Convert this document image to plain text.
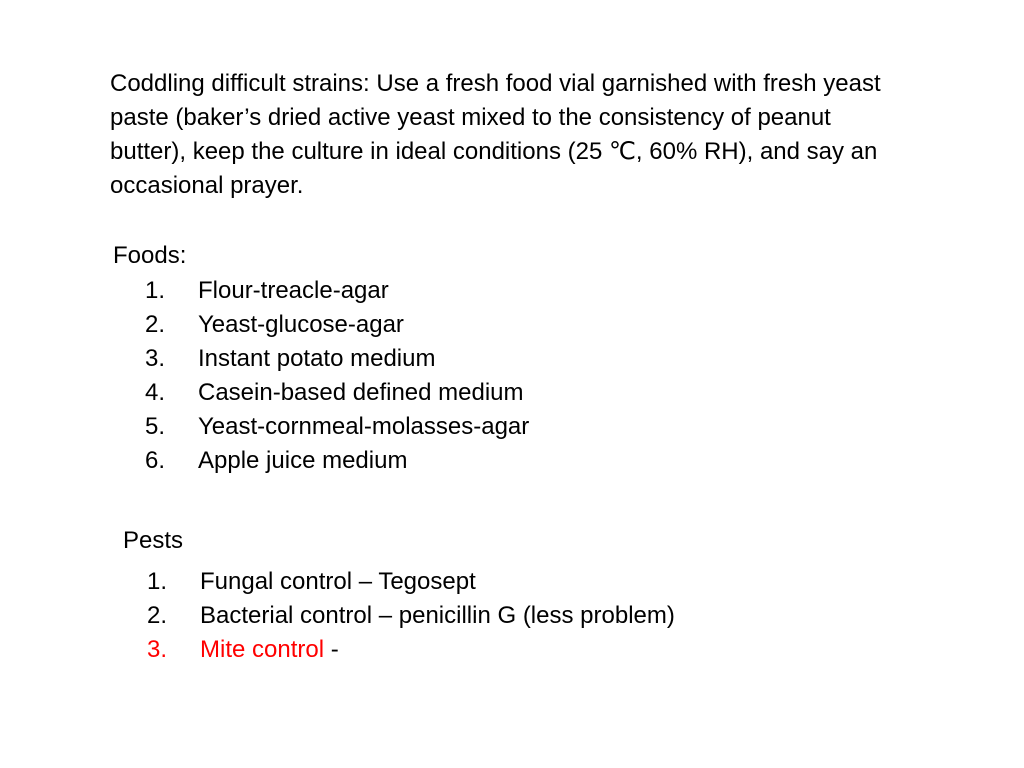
Coddling difficult strains: Use a fresh food vial garnished with fresh yeast paste (baker’s dried active yeast mixed to the consistency of peanut butter), keep the culture in ideal conditions (25 ℃, 60% RH), and say an occasional prayer.

Foods:
1.	Flour-treacle-agar
2.	Yeast-glucose-agar
3.	Instant potato medium
4.	Casein-based defined medium
5.	Yeast-cornmeal-molasses-agar
6.	Apple juice medium
Pests
1.	Fungal control – Tegosept
2.	Bacterial control – penicillin G (less problem)
3.	Mite control -
